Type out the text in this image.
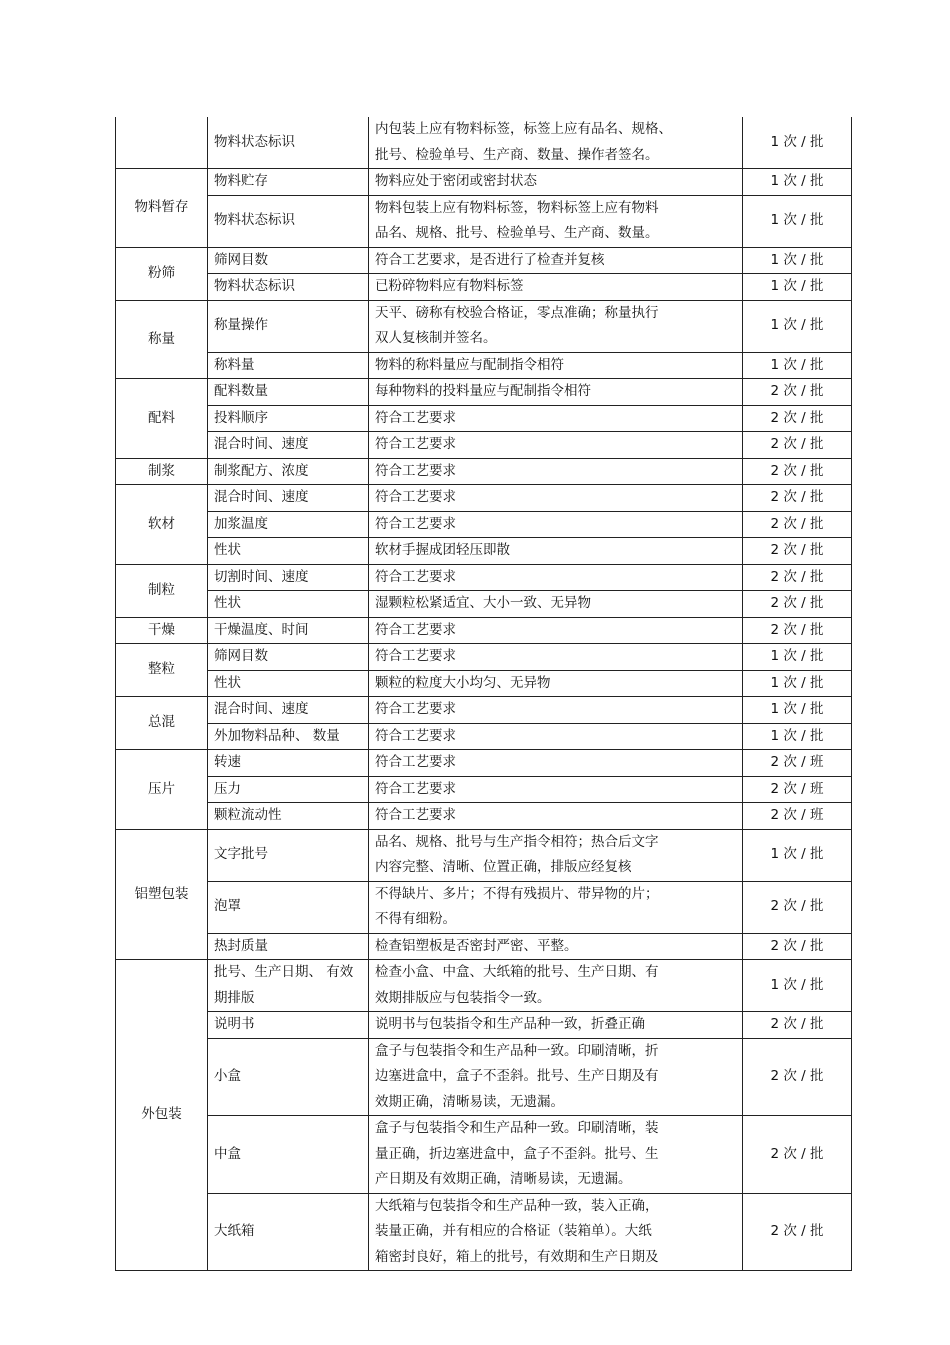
	物料状态标识	内包装上应有物料标签，标签上应有品名、规格、
批号、检验单号、生产商、数量、操作者签名。	1 次 / 批
物料暂存	物料贮存	物料应处于密闭或密封状态	1 次 / 批
	物料状态标识	物料包装上应有物料标签，物料标签上应有物料
品名、规格、批号、检验单号、生产商、数量。	1 次 / 批
粉筛	筛网目数	符合工艺要求，是否进行了检查并复核	1 次 / 批
	物料状态标识	已粉碎物料应有物料标签	1 次 / 批
称量	称量操作	天平、磅称有校验合格证，零点准确；称量执行
双人复核制并签名。	1 次 / 批
	称料量	物料的称料量应与配制指令相符	1 次 / 批
配料	配料数量	每种物料的投料量应与配制指令相符	2 次 / 批
	投料顺序	符合工艺要求	2 次 / 批
	混合时间、速度	符合工艺要求	2 次 / 批
制浆	制浆配方、浓度	符合工艺要求	2 次 / 批
软材	混合时间、速度	符合工艺要求	2 次 / 批
	加浆温度	符合工艺要求	2 次 / 批
	性状	软材手握成团轻压即散	2 次 / 批
制粒	切割时间、速度	符合工艺要求	2 次 / 批
	性状	湿颗粒松紧适宜、大小一致、无异物	2 次 / 批
干燥	干燥温度、时间	符合工艺要求	2 次 / 批
整粒	筛网目数	符合工艺要求	1 次 / 批
	性状	颗粒的粒度大小均匀、无异物	1 次 / 批
总混	混合时间、速度	符合工艺要求	1 次 / 批
	外加物料品种、 数量	符合工艺要求	1 次 / 批
压片	转速	符合工艺要求	2 次 / 班
	压力	符合工艺要求	2 次 / 班
	颗粒流动性	符合工艺要求	2 次 / 班
铝塑包装	文字批号	品名、规格、批号与生产指令相符；热合后文字
内容完整、清晰、位置正确，排版应经复核	1 次 / 批
	泡罩	不得缺片、多片；不得有残损片、带异物的片；
不得有细粉。	2 次 / 批
	热封质量	检查铝塑板是否密封严密、平整。	2 次 / 批
外包装	批号、生产日期、 有效期排版	检查小盒、中盒、大纸箱的批号、生产日期、有
效期排版应与包装指令一致。	1 次 / 批
	说明书	说明书与包装指令和生产品种一致，折叠正确	2 次 / 批
	小盒	盒子与包装指令和生产品种一致。印刷清晰，折
边塞进盒中，盒子不歪斜。批号、生产日期及有
效期正确，清晰易读，无遗漏。	2 次 / 批
	中盒	盒子与包装指令和生产品种一致。印刷清晰，装
量正确，折边塞进盒中，盒子不歪斜。批号、生
产日期及有效期正确，清晰易读，无遗漏。	2 次 / 批
	大纸箱	大纸箱与包装指令和生产品种一致，装入正确，
装量正确，并有相应的合格证（装箱单）。大纸
箱密封良好，箱上的批号，有效期和生产日期及	2 次 / 批
